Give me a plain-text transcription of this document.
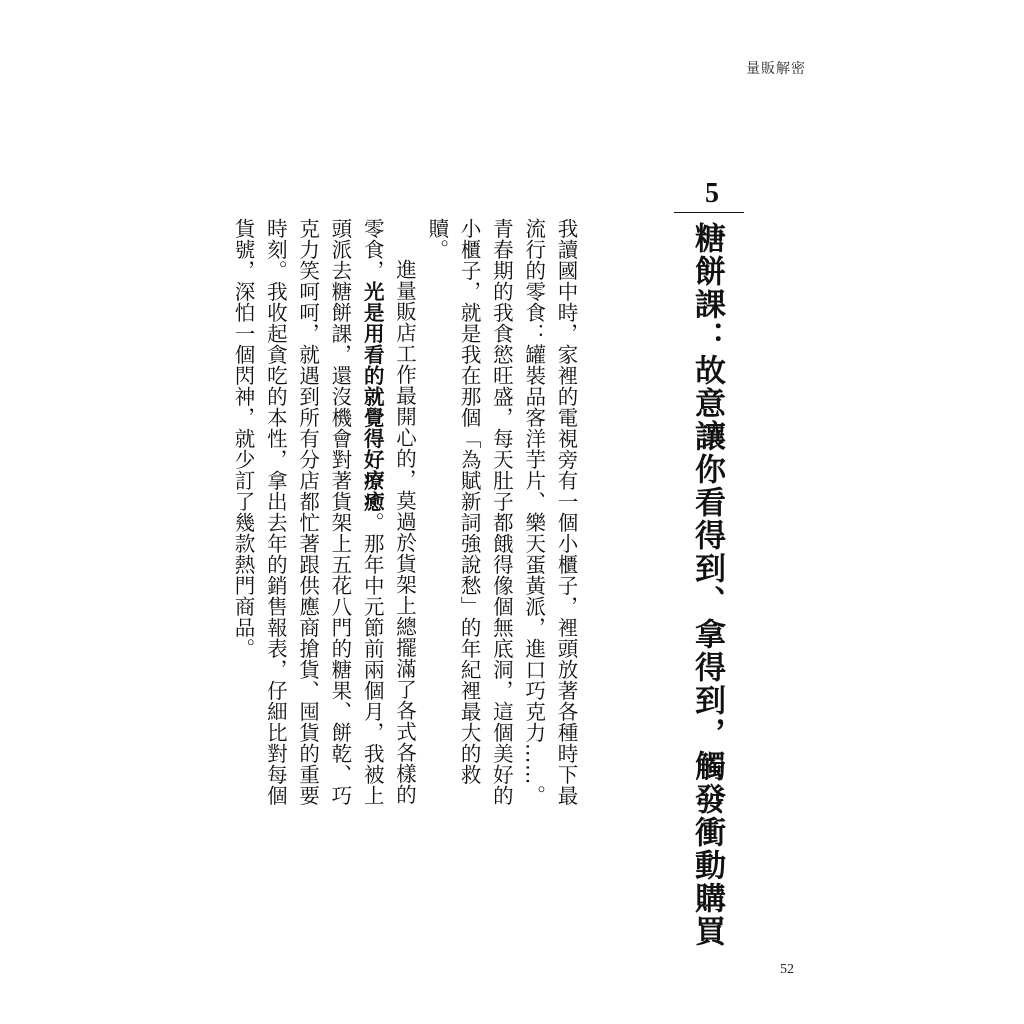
量販解密
5
糖餅課：故意讓你看得到、拿得到，觸發衝動購買

我讀國中時，家裡的電視旁有一個小櫃子，裡頭放著各種時下最流行的零食：罐裝品客洋芋片、樂天蛋黃派，進口巧克力……。青春期的我食慾旺盛，每天肚子都餓得像個無底洞，這個美好的小櫃子，就是我在那個「為賦新詞強說愁」的年紀裡最大的救贖。

進量販店工作最開心的，莫過於貨架上總擺滿了各式各樣的零食，光是用看的就覺得好療癒。那年中元節前兩個月，我被上頭派去糖餅課，還沒機會對著貨架上五花八門的糖果、餅乾、巧克力笑呵呵，就遇到所有分店都忙著跟供應商搶貨、囤貨的重要時刻。我收起貪吃的本性，拿出去年的銷售報表，仔細比對每個貨號，深怕一個閃神，就少訂了幾款熱門商品。

52
